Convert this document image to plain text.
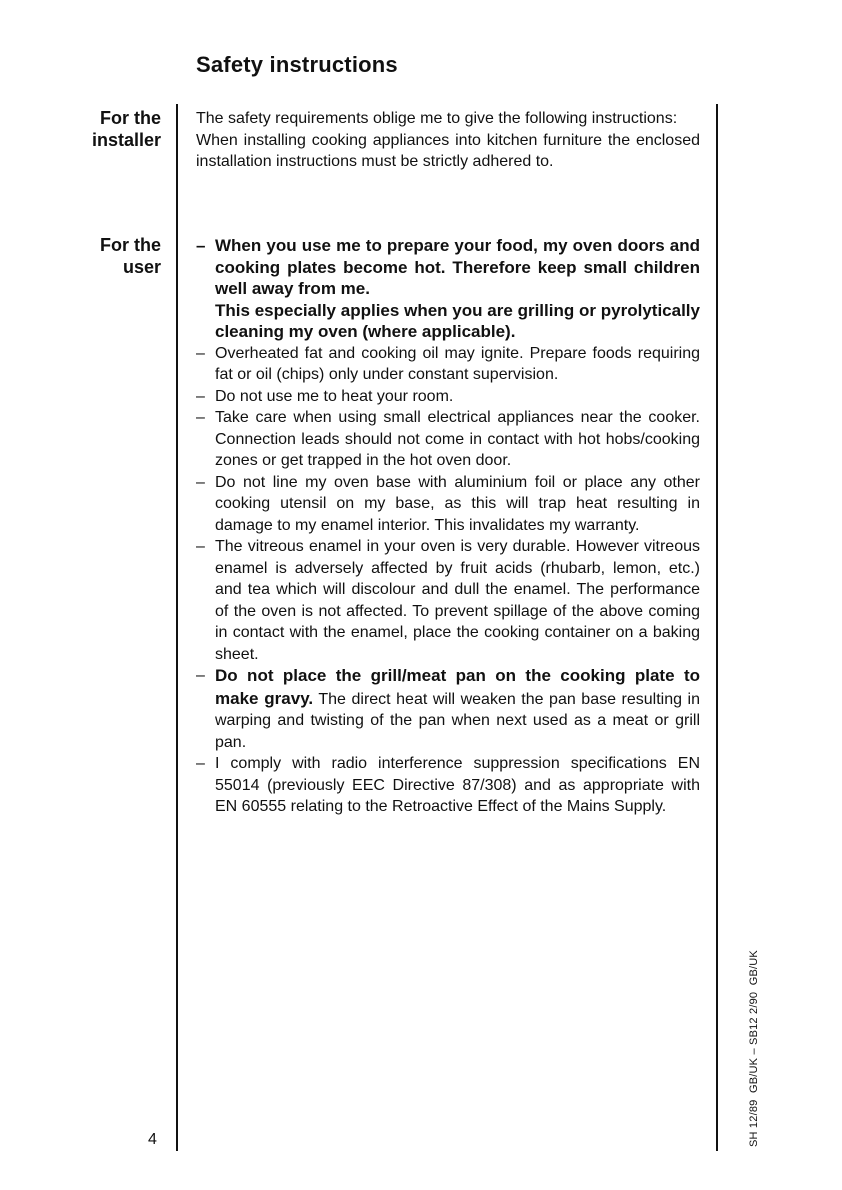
Safety instructions
For the
installer

The safety requirements oblige me to give the following instructions:

When installing cooking appliances into kitchen furniture the enclosed installation instructions must be strictly adhered to.

For the
user

– When you use me to prepare your food, my oven doors and cooking plates become hot. Therefore keep small children well away from me.

This especially applies when you are grilling or pyrolytically cleaning my oven (where applicable).

– Overheated fat and cooking oil may ignite. Prepare foods requiring fat or oil (chips) only under constant supervision.
– Do not use me to heat your room.
– Take care when using small electrical appliances near the cooker. Connection leads should not come in contact with hot hobs/cooking zones or get trapped in the hot oven door.
– Do not line my oven base with aluminium foil or place any other cooking utensil on my base, as this will trap heat resulting in damage to my enamel interior. This invalidates my warranty.
– The vitreous enamel in your oven is very durable. However vitreous enamel is adversely affected by fruit acids (rhubarb, lemon, etc.) and tea which will discolour and dull the enamel. The performance of the oven is not affected. To prevent spillage of the above coming in contact with the enamel, place the cooking container on a baking sheet.
– Do not place the grill/meat pan on the cooking plate to make gravy. The direct heat will weaken the pan base resulting in warping and twisting of the pan when next used as a meat or grill pan.
– I comply with radio interference suppression specifications EN 55014 (previously EEC Directive 87/308) and as appropriate with EN 60555 relating to the Retroactive Effect of the Mains Supply.

4	SH 12/89  GB/UK – SB12 2/90  GB/UK
